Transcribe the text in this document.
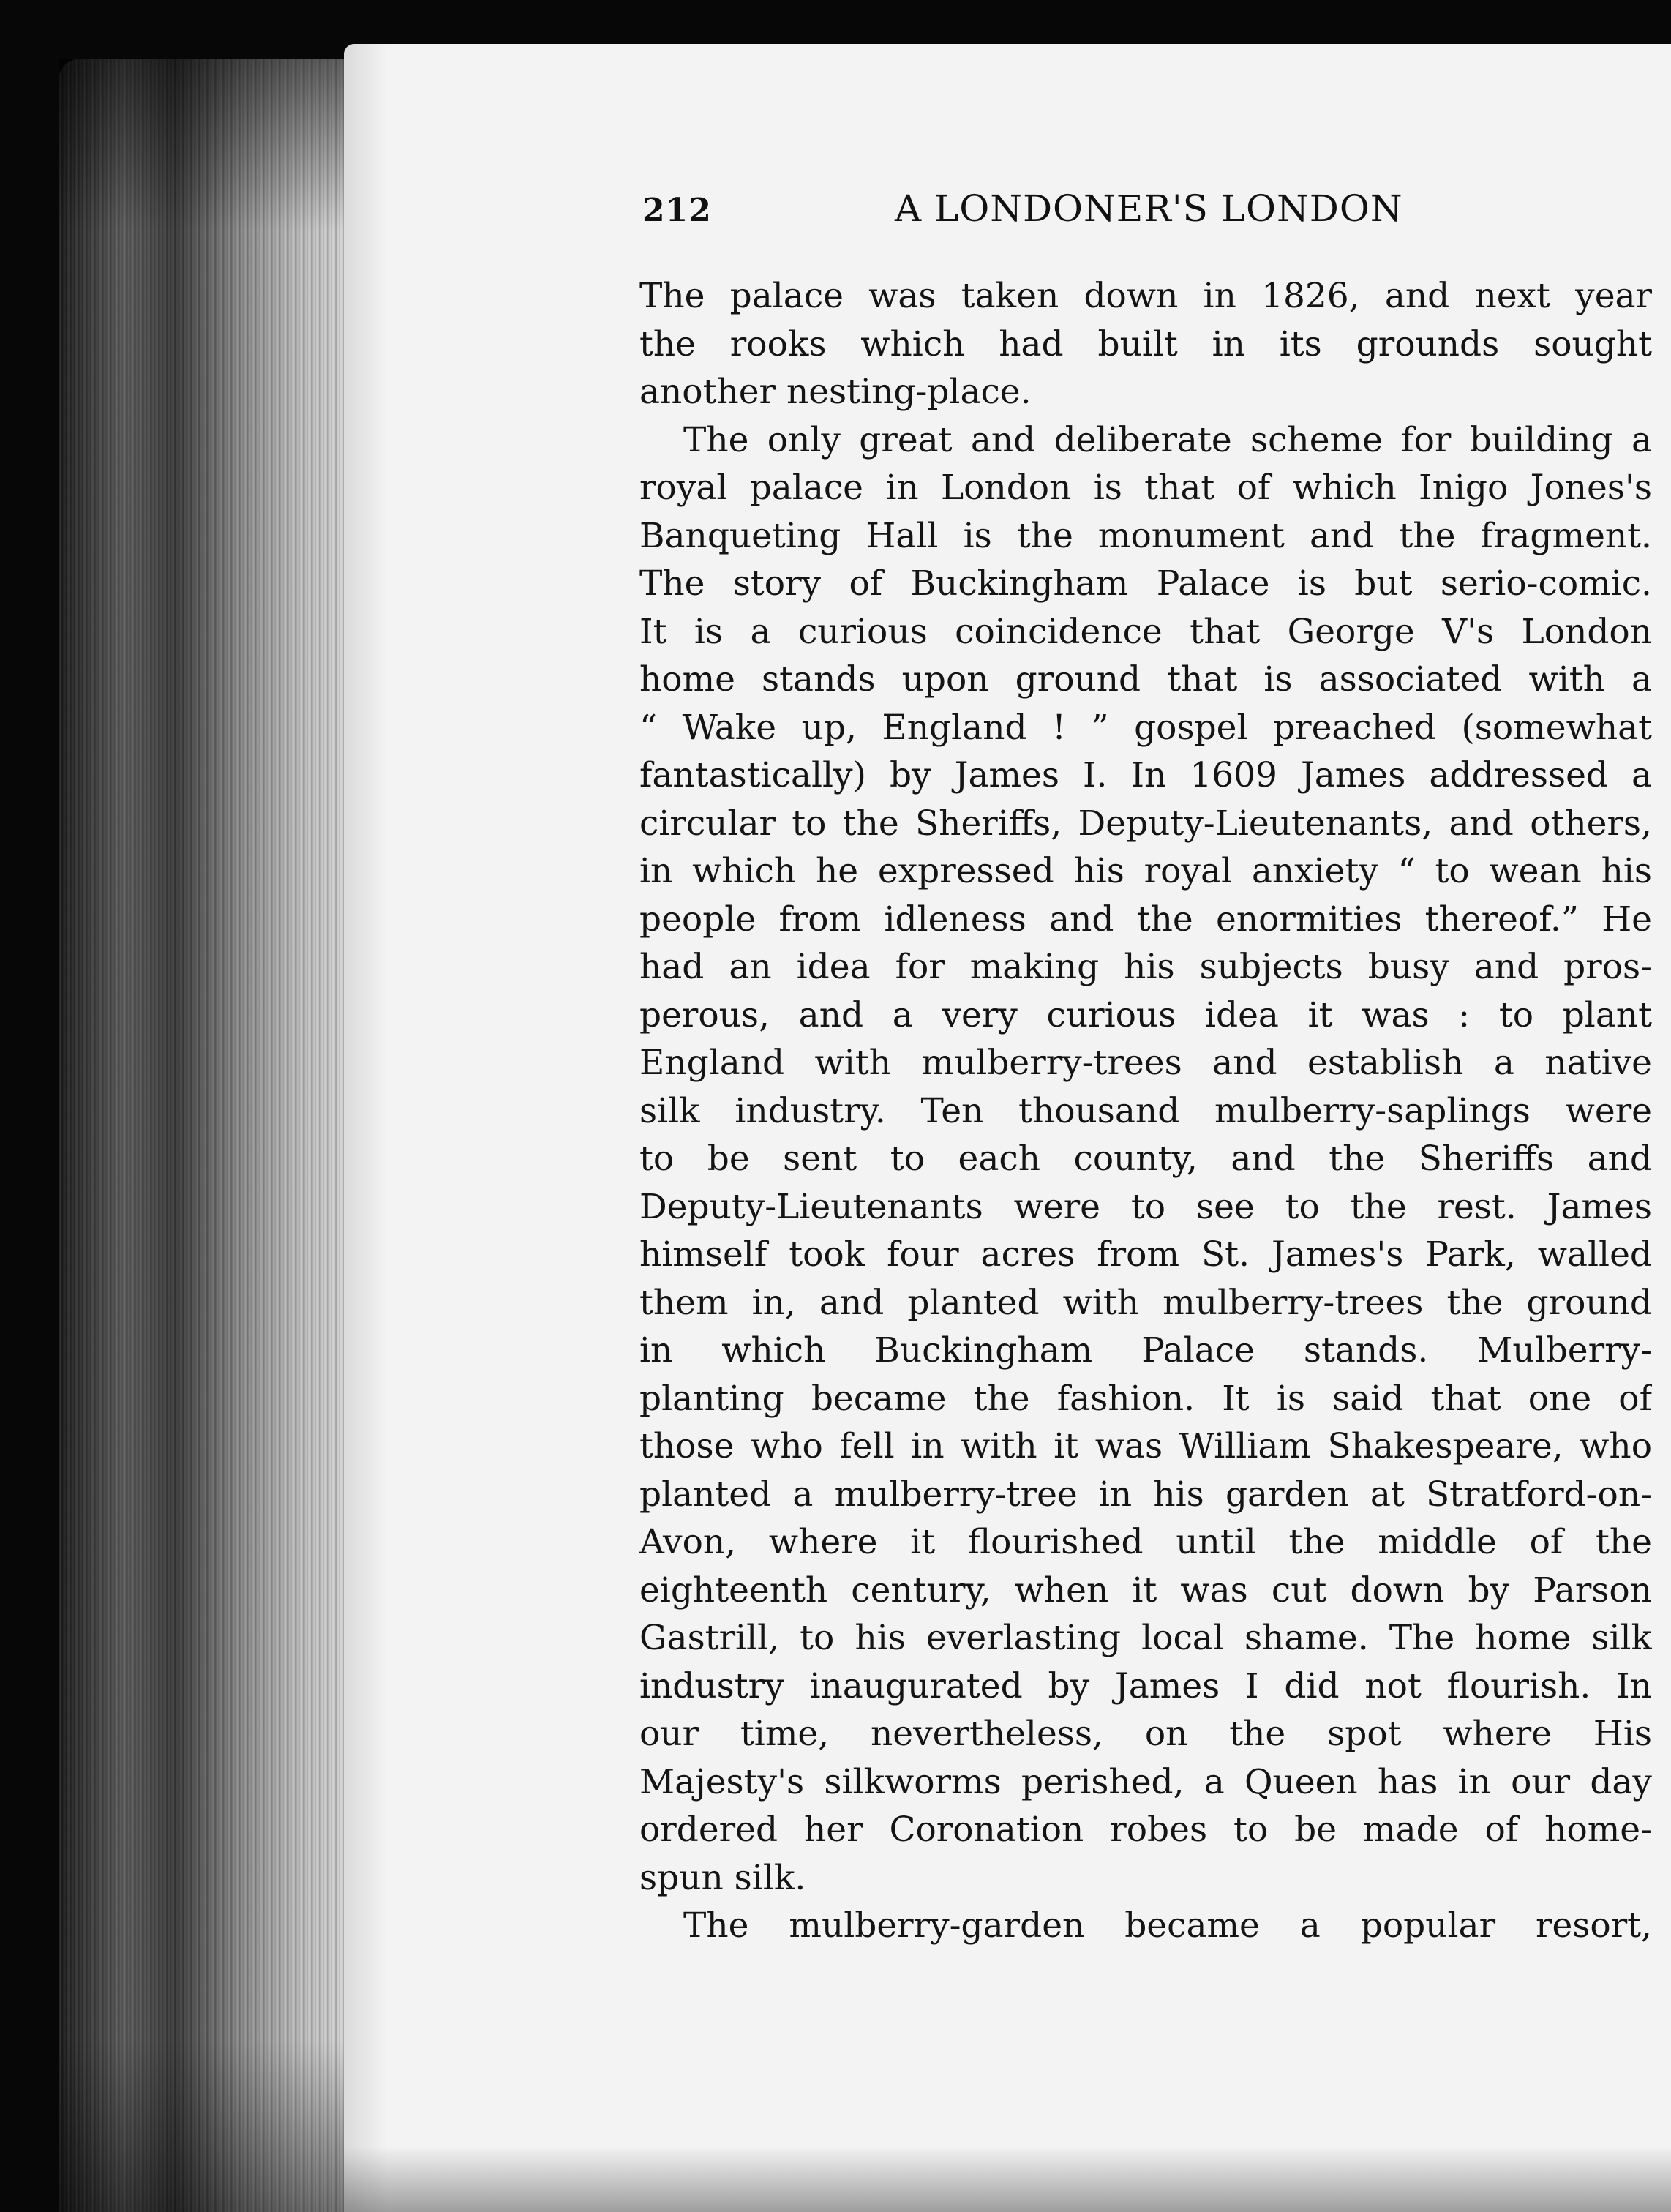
212	A LONDONER'S LONDON
The palace was taken down in 1826, and next year
the rooks which had built in its grounds sought
another nesting-place.
The only great and deliberate scheme for building a
royal palace in London is that of which Inigo Jones's
Banqueting Hall is the monument and the fragment.
The story of Buckingham Palace is but serio-comic.
It is a curious coincidence that George V's London
home stands upon ground that is associated with a
“ Wake up, England ! ” gospel preached (somewhat
fantastically) by James I. In 1609 James addressed a
circular to the Sheriffs, Deputy-Lieutenants, and others,
in which he expressed his royal anxiety “ to wean his
people from idleness and the enormities thereof.” He
had an idea for making his subjects busy and pros-
perous, and a very curious idea it was : to plant
England with mulberry-trees and establish a native
silk industry. Ten thousand mulberry-saplings were
to be sent to each county, and the Sheriffs and
Deputy-Lieutenants were to see to the rest. James
himself took four acres from St. James's Park, walled
them in, and planted with mulberry-trees the ground
in which Buckingham Palace stands. Mulberry-
planting became the fashion. It is said that one of
those who fell in with it was William Shakespeare, who
planted a mulberry-tree in his garden at Stratford-on-
Avon, where it flourished until the middle of the
eighteenth century, when it was cut down by Parson
Gastrill, to his everlasting local shame. The home silk
industry inaugurated by James I did not flourish. In
our time, nevertheless, on the spot where His
Majesty's silkworms perished, a Queen has in our day
ordered her Coronation robes to be made of home-
spun silk.
The mulberry-garden became a popular resort,
